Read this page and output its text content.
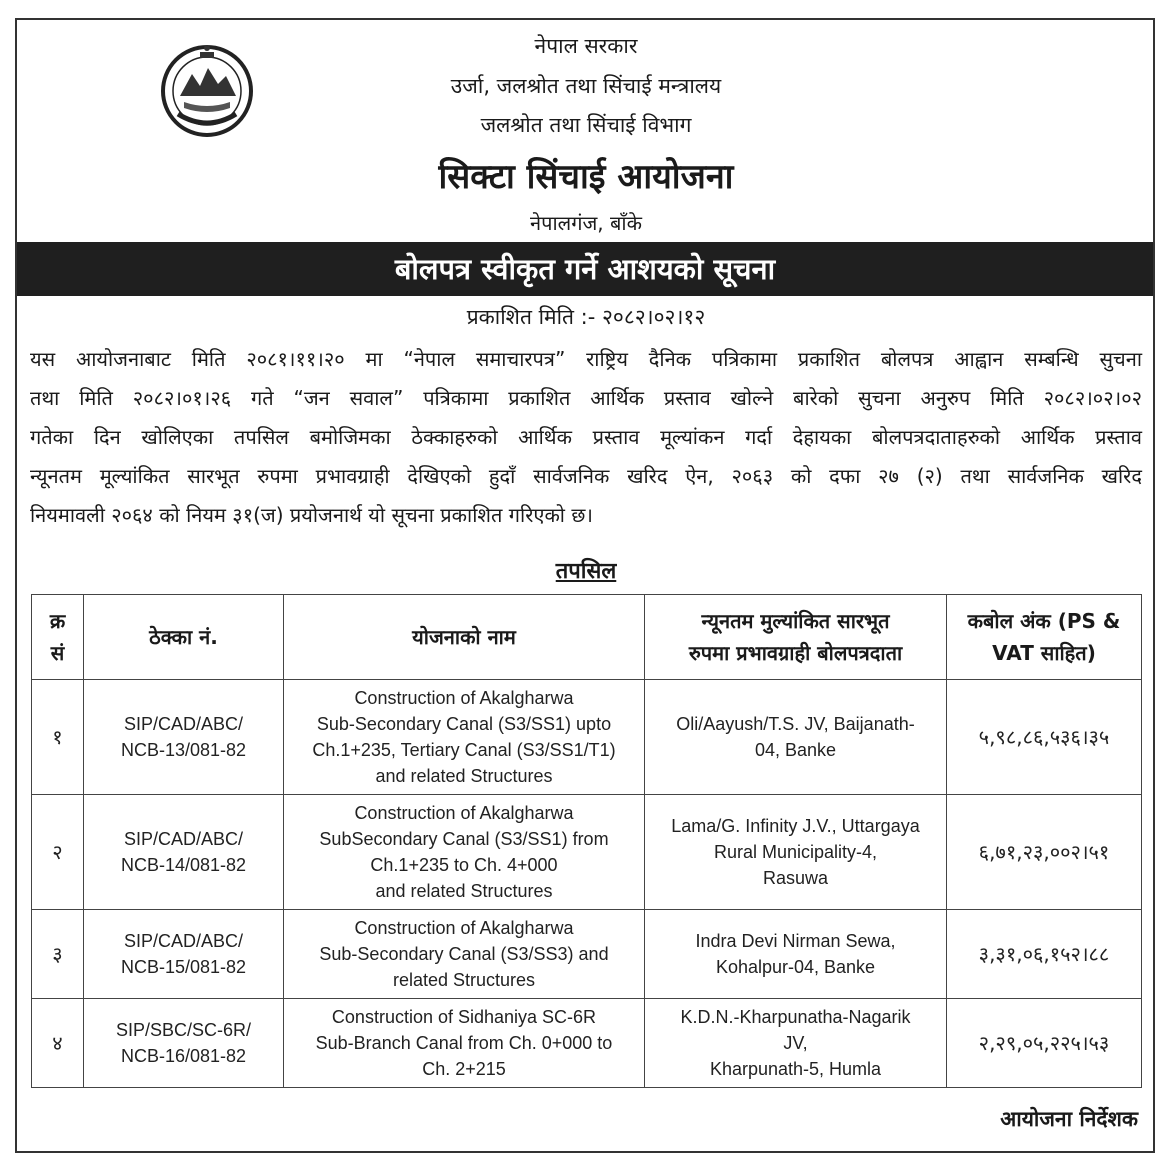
नेपाल सरकार
उर्जा, जलश्रोत तथा सिंचाई मन्त्रालय
जलश्रोत तथा सिंचाई विभाग
सिक्टा सिंचाई आयोजना
नेपालगंज, बाँके
बोलपत्र स्वीकृत गर्ने आशयको सूचना
प्रकाशित मिति :- २०८२।०२।१२

यस आयोजनाबाट मिति २०८१।११।२० मा “नेपाल समाचारपत्र” राष्ट्रिय दैनिक पत्रिकामा प्रकाशित बोलपत्र आह्वान सम्बन्धि सुचना
तथा मिति २०८२।०१।२६ गते “जन सवाल” पत्रिकामा प्रकाशित आर्थिक प्रस्ताव खोल्ने बारेको सुचना अनुरुप मिति २०८२।०२।०२
गतेका दिन खोलिएका तपसिल बमोजिमका ठेक्काहरुको आर्थिक प्रस्ताव मूल्यांकन गर्दा देहायका बोलपत्रदाताहरुको आर्थिक प्रस्ताव
न्यूनतम मूल्यांकित सारभूत रुपमा प्रभावग्राही देखिएको हुदाँ सार्वजनिक खरिद ऐन, २०६३ को दफा २७ (२) तथा सार्वजनिक खरिद
नियमावली २०६४ को नियम ३१(ज) प्रयोजनार्थ यो सूचना प्रकाशित गरिएको छ।

तपसिल
क्र
सं	ठेक्का नं.	योजनाको नाम	न्यूनतम मुल्यांकित सारभूत
रुपमा प्रभावग्राही बोलपत्रदाता	कबोल अंक (PS &
VAT साहित)
१	SIP/CAD/ABC/
NCB-13/081-82	Construction of Akalgharwa
Sub-Secondary Canal (S3/SS1) upto
Ch.1+235, Tertiary Canal (S3/SS1/T1)
and related Structures	Oli/Aayush/T.S. JV, Baijanath-
04, Banke	५,९८,८६,५३६।३५
२	SIP/CAD/ABC/
NCB-14/081-82	Construction of Akalgharwa
SubSecondary Canal (S3/SS1) from
Ch.1+235 to Ch. 4+000
and related Structures	Lama/G. Infinity J.V., Uttargaya
Rural Municipality-4,
Rasuwa	६,७१,२३,००२।५१
३	SIP/CAD/ABC/
NCB-15/081-82	Construction of Akalgharwa
Sub-Secondary Canal (S3/SS3) and
related Structures	Indra Devi Nirman Sewa,
Kohalpur-04, Banke	३,३१,०६,१५२।८८
४	SIP/SBC/SC-6R/
NCB-16/081-82	Construction of Sidhaniya SC-6R
Sub-Branch Canal from Ch. 0+000 to
Ch. 2+215	K.D.N.-Kharpunatha-Nagarik
JV,
Kharpunath-5, Humla	२,२९,०५,२२५।५३
आयोजना निर्देशक
